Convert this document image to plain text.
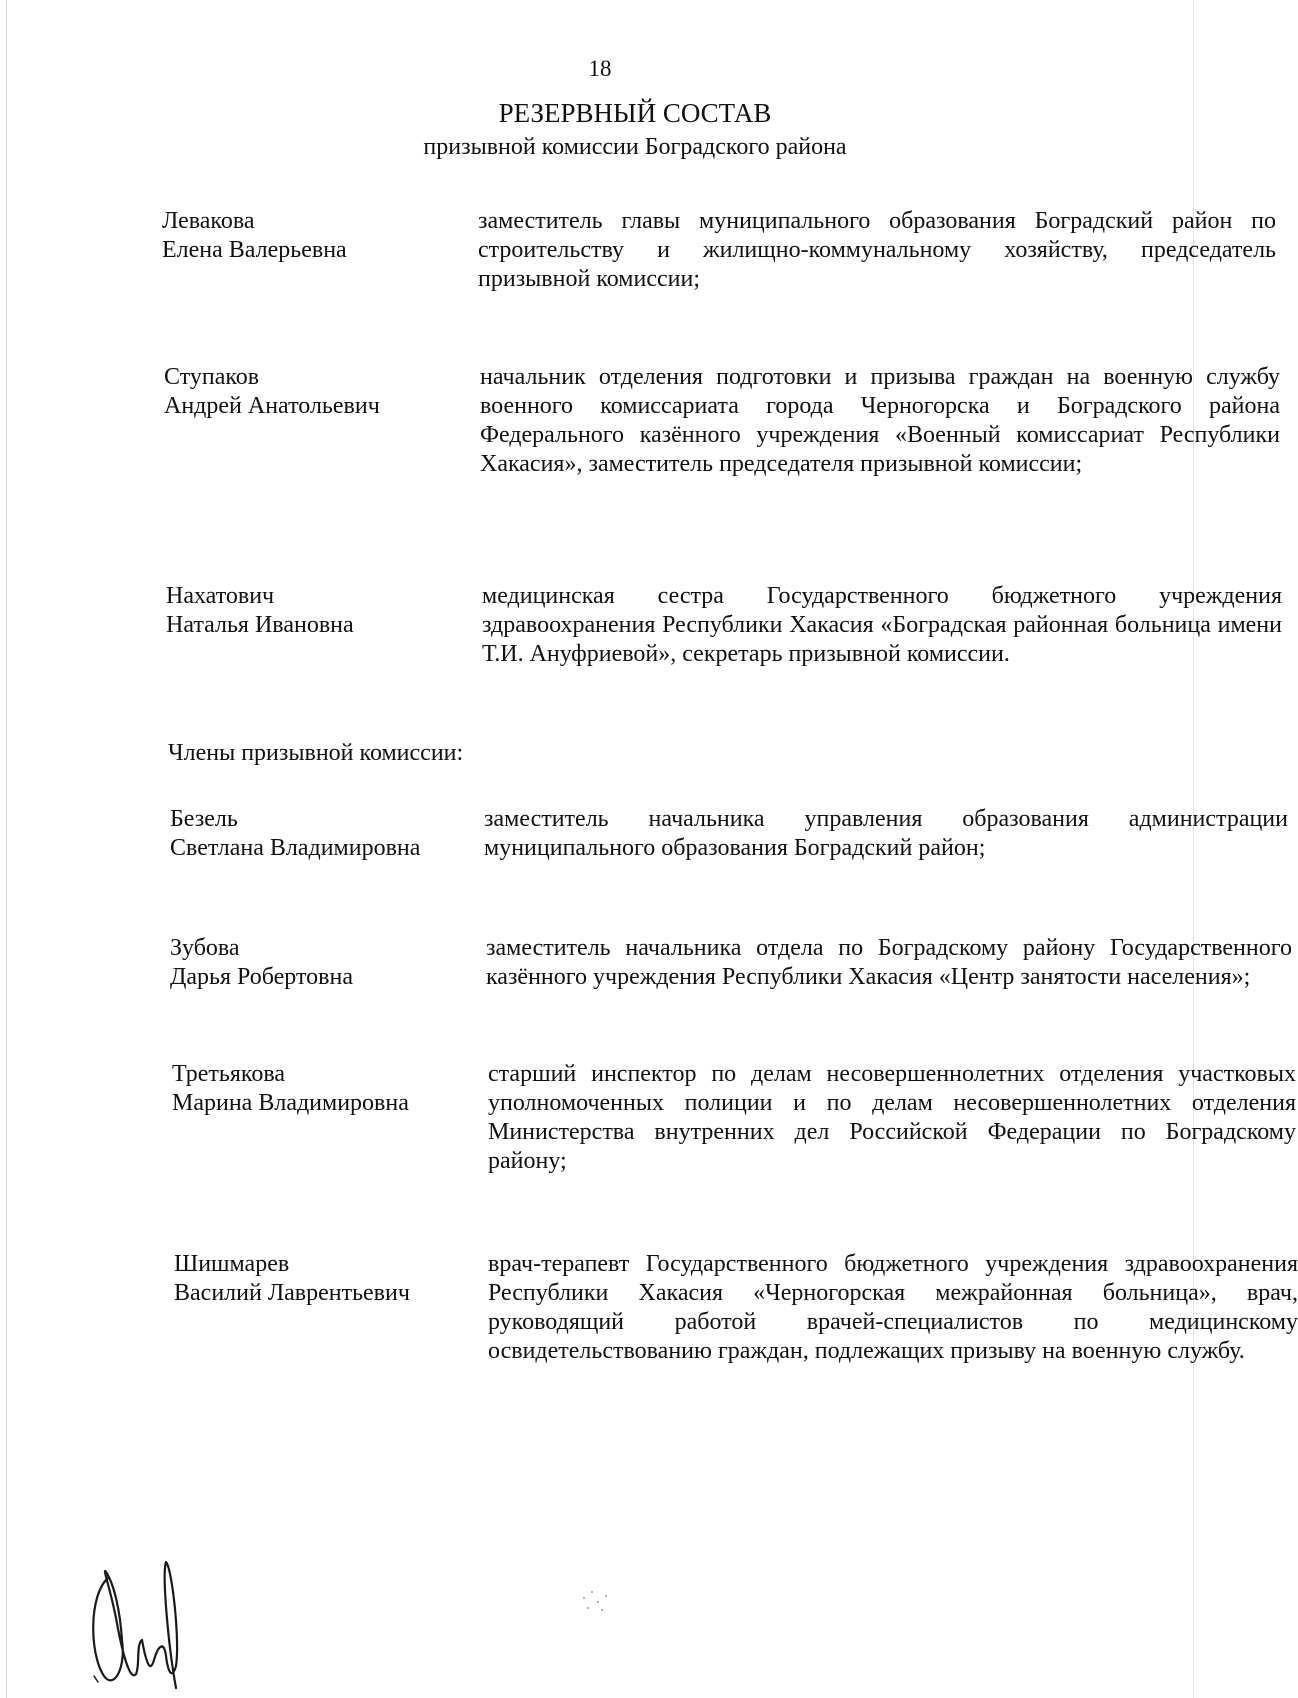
18
РЕЗЕРВНЫЙ СОСТАВ
призывной комиссии Боградского района
Левакова
Елена Валерьевна
заместитель главы муниципального образования Боградский район по строительству и жилищно-коммунальному хозяйству, председатель призывной комиссии;
Ступаков
Андрей Анатольевич
начальник отделения подготовки и призыва граждан на военную службу военного комиссариата города Черногорска и Боградского района Федерального казённого учреждения «Военный комиссариат Республики Хакасия», заместитель председателя призывной комиссии;
Нахатович
Наталья Ивановна
медицинская сестра Государственного бюджетного учреждения здравоохранения Республики Хакасия «Боградская районная больница имени Т.И. Ануфриевой», секретарь призывной комиссии.
Члены призывной комиссии:
Безель
Светлана Владимировна
заместитель начальника управления образования администрации муниципального образования Боградский район;
Зубова
Дарья Робертовна
заместитель начальника отдела по Боградскому району Государственного казённого учреждения Республики Хакасия «Центр занятости населения»;
Третьякова
Марина Владимировна
старший инспектор по делам несовершеннолетних отделения участковых уполномоченных полиции и по делам несовершеннолетних отделения Министерства внутренних дел Российской Федерации по Боградскому району;
Шишмарев
Василий Лаврентьевич
врач-терапевт Государственного бюджетного учреждения здравоохранения Республики Хакасия «Черногорская межрайонная больница», врач, руководящий работой врачей-специалистов по медицинскому освидетельствованию граждан, подлежащих призыву на военную службу.
